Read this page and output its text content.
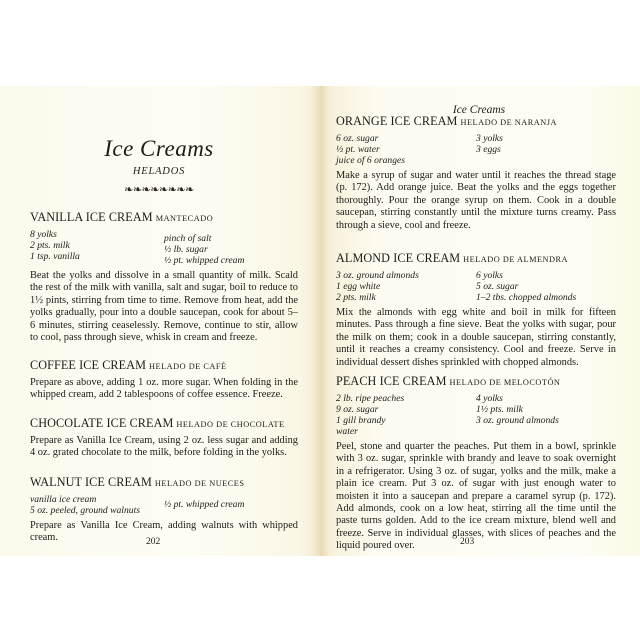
Ice Creams
HELADOS
❧❧❧❧❧❧❧❧
VANILLA ICE CREAM MANTECADO
8 yolks
2 pts. milk
1 tsp. vanilla
pinch of salt
½ lb. sugar
½ pt. whipped cream
Beat the yolks and dissolve in a small quantity of milk. Scald the rest of the milk with vanilla, salt and sugar, boil to reduce to 1½ pints, stirring from time to time. Remove from heat, add the yolks gradually, pour into a double saucepan, cook for about 5–6 minutes, stirring ceaselessly. Remove, continue to stir, allow to cool, pass through sieve, whisk in cream and freeze.
COFFEE ICE CREAM HELADO DE CAFÉ
Prepare as above, adding 1 oz. more sugar. When folding in the whipped cream, add 2 tablespoons of coffee essence. Freeze.
CHOCOLATE ICE CREAM HELADO DE CHOCOLATE
Prepare as Vanilla Ice Cream, using 2 oz. less sugar and adding 4 oz. grated chocolate to the milk, before folding in the yolks.
WALNUT ICE CREAM HELADO DE NUECES
vanilla ice cream
5 oz. peeled, ground walnuts
½ pt. whipped cream
Prepare as Vanilla Ice Cream, adding walnuts with whipped cream.	202
ORANGE ICE CREAM HELADO DE NARANJA
6 oz. sugar
½ pt. water
juice of 6 oranges
3 yolks
3 eggs
Make a syrup of sugar and water until it reaches the thread stage (p. 172). Add orange juice. Beat the yolks and the eggs together thoroughly. Pour the orange syrup on them. Cook in a double saucepan, stirring constantly until the mixture turns creamy. Pass through a sieve, cool and freeze.
ALMOND ICE CREAM HELADO DE ALMENDRA
3 oz. ground almonds
1 egg white
2 pts. milk
6 yolks
5 oz. sugar
1–2 tbs. chopped almonds
Mix the almonds with egg white and boil in milk for fifteen minutes. Pass through a fine sieve. Beat the yolks with sugar, pour the milk on them; cook in a double saucepan, stirring constantly, until it reaches a creamy consistency. Cool and freeze. Serve in individual dessert dishes sprinkled with chopped almonds.
PEACH ICE CREAM HELADO DE MELOCOTÓN
2 lb. ripe peaches
9 oz. sugar
1 gill brandy
water
4 yolks
1½ pts. milk
3 oz. ground almonds
Peel, stone and quarter the peaches. Put them in a bowl, sprinkle with 3 oz. sugar, sprinkle with brandy and leave to soak overnight in a refrigerator. Using 3 oz. of sugar, yolks and the milk, make a plain ice cream. Put 3 oz. of sugar with just enough water to moisten it into a saucepan and prepare a caramel syrup (p. 172). Add almonds, cook on a low heat, stirring all the time until the paste turns golden. Add to the ice cream mixture, blend well and freeze. Serve in individual glasses, with slices of peaches and the liquid poured over.	203
Ice Creams
